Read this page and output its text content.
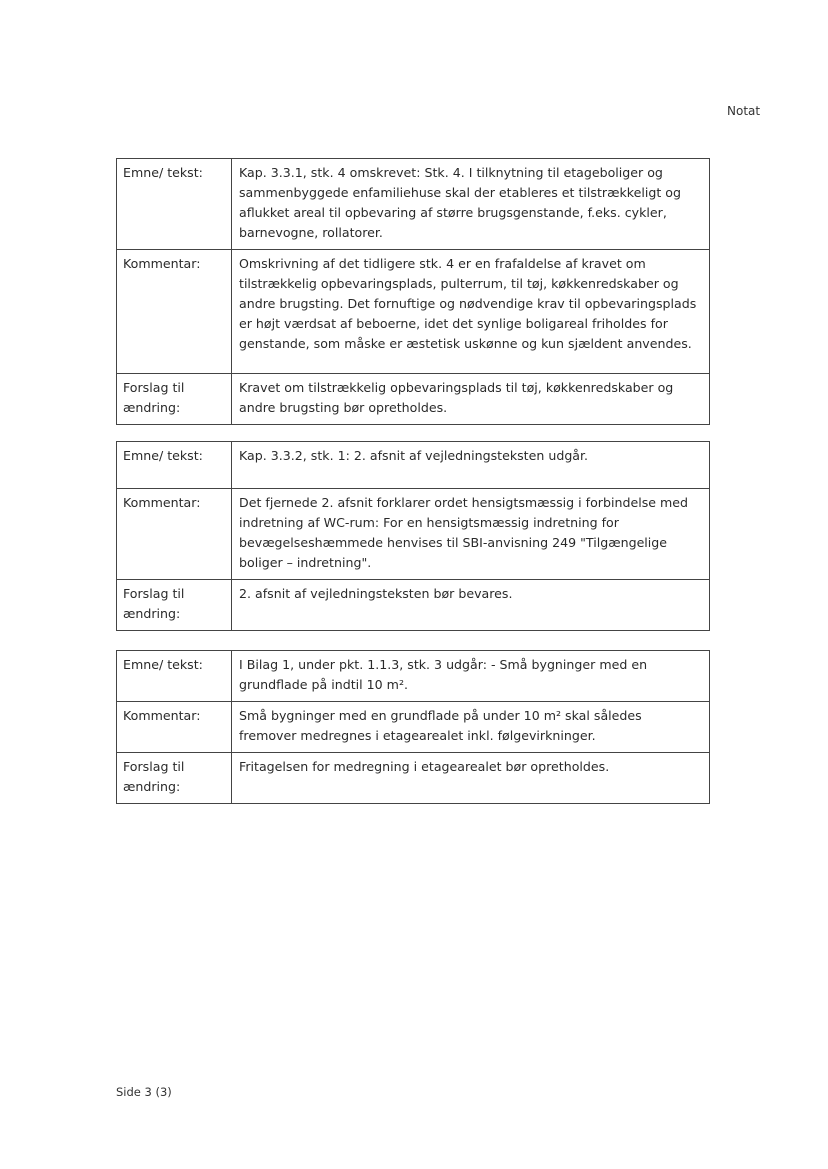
Notat
Emne/ tekst:	Kap. 3.3.1, stk. 4 omskrevet: Stk. 4. I tilknytning til etageboliger og sammenbyggede enfamiliehuse skal der etableres et tilstrækkeligt og aflukket areal til opbevaring af større brugsgenstande, f.eks. cykler, barnevogne, rollatorer.
Kommentar:	Omskrivning af det tidligere stk. 4 er en frafaldelse af kravet om tilstrækkelig opbevaringsplads, pulterrum, til tøj, køkkenredskaber og andre brugsting. Det fornuftige og nødvendige krav til opbevaringsplads er højt værdsat af beboerne, idet det synlige boligareal friholdes for genstande, som måske er æstetisk uskønne og kun sjældent anvendes.
Forslag til ændring:	Kravet om tilstrækkelig opbevaringsplads til tøj, køkkenredskaber og andre brugsting bør opretholdes.
Emne/ tekst:	Kap. 3.3.2, stk. 1: 2. afsnit af vejledningsteksten udgår.
Kommentar:	Det fjernede 2. afsnit forklarer ordet hensigtsmæssig i forbindelse med indretning af WC-rum: For en hensigtsmæssig indretning for bevægelseshæmmede henvises til SBI-anvisning 249 "Tilgængelige boliger – indretning".
Forslag til ændring:	2. afsnit af vejledningsteksten bør bevares.
Emne/ tekst:	I Bilag 1, under pkt. 1.1.3, stk. 3 udgår: - Små bygninger med en grundflade på indtil 10 m².
Kommentar:	Små bygninger med en grundflade på under 10 m² skal således fremover medregnes i etagearealet inkl. følgevirkninger.
Forslag til ændring:	Fritagelsen for medregning i etagearealet bør opretholdes.
Side 3 (3)
